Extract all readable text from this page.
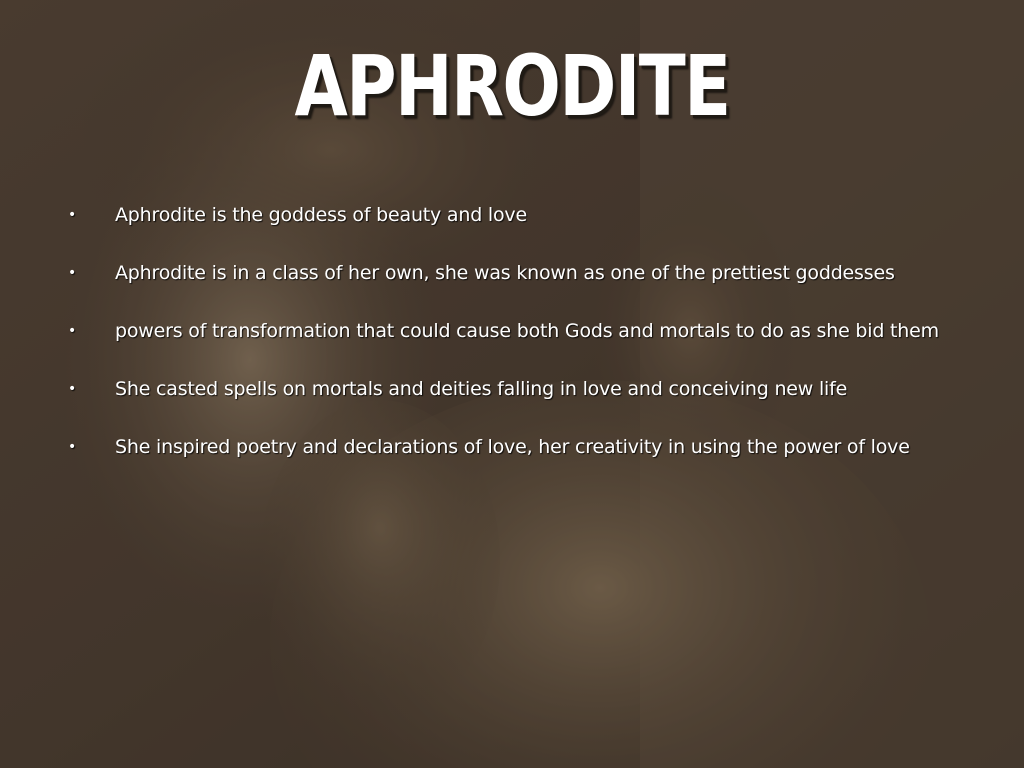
APHRODITE
• Aphrodite is the goddess of beauty and love
• Aphrodite is in a class of her own, she was known as one of the prettiest goddesses
• powers of transformation that could cause both Gods and mortals to do as she bid them
• She casted spells on mortals and deities falling in love and conceiving new life
• She inspired poetry and declarations of love, her creativity in using the power of love
